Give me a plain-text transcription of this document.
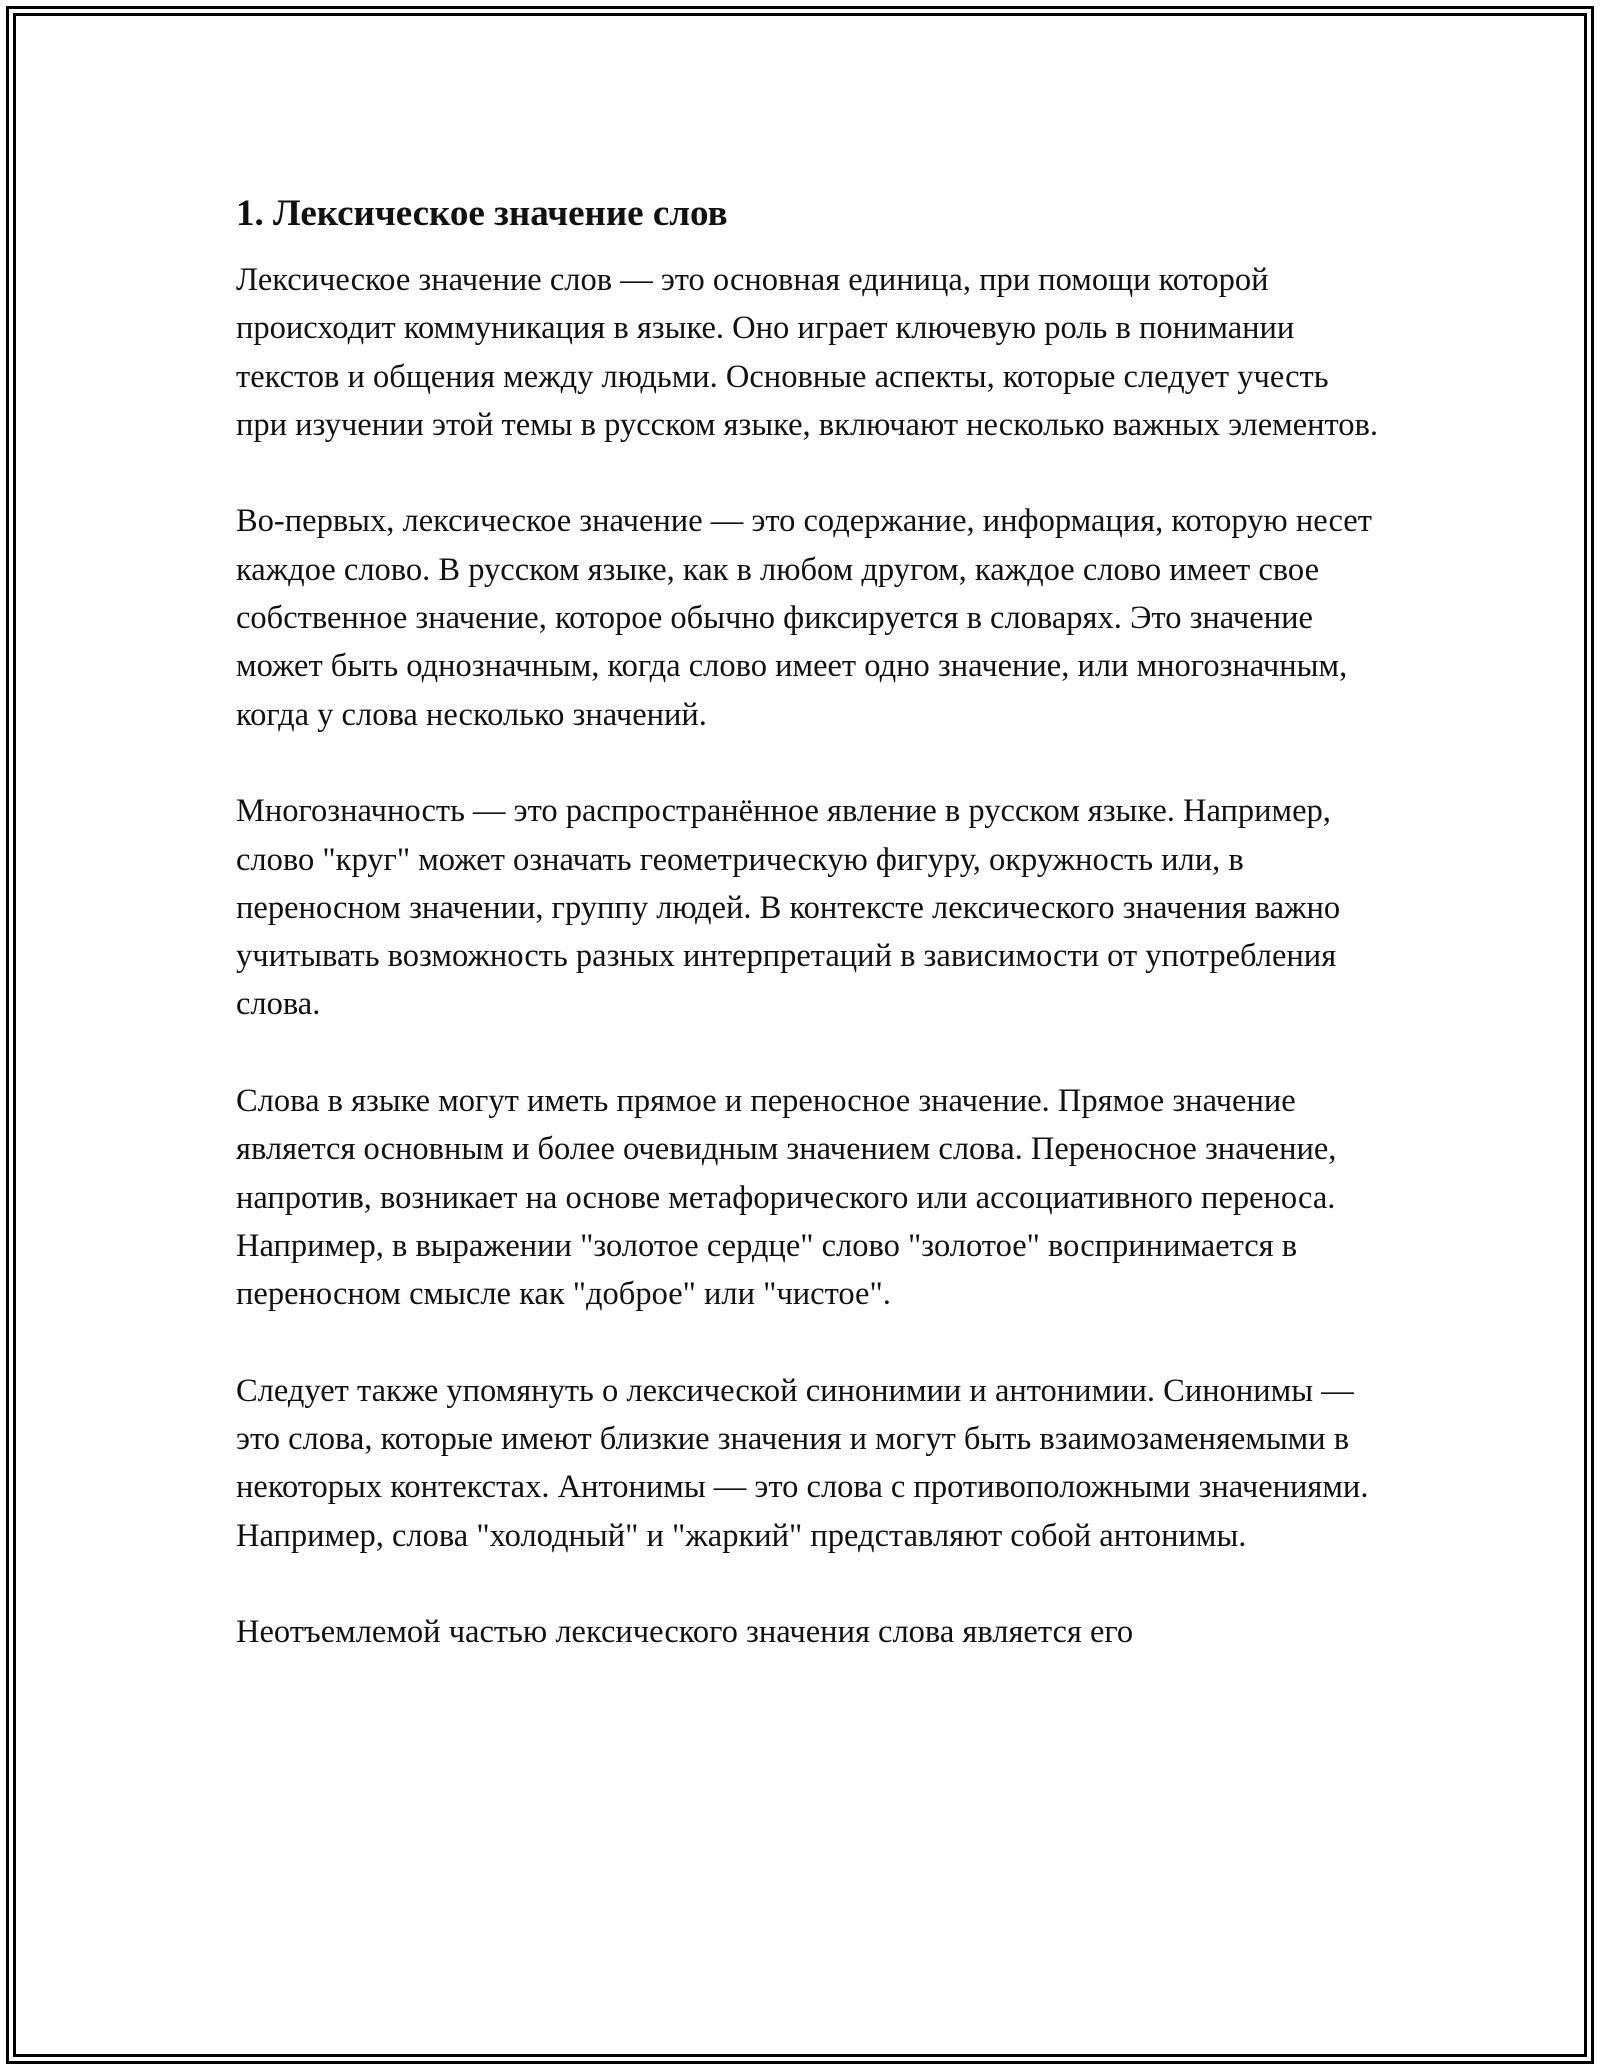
1. Лексическое значение слов

Лексическое значение слов — это основная единица, при помощи которой происходит коммуникация в языке. Оно играет ключевую роль в понимании текстов и общения между людьми. Основные аспекты, которые следует учесть при изучении этой темы в русском языке, включают несколько важных элементов.

Во-первых, лексическое значение — это содержание, информация, которую несет каждое слово. В русском языке, как в любом другом, каждое слово имеет свое собственное значение, которое обычно фиксируется в словарях. Это значение может быть однозначным, когда слово имеет одно значение, или многозначным, когда у слова несколько значений.

Многозначность — это распространённое явление в русском языке. Например, слово "круг" может означать геометрическую фигуру, окружность или, в переносном значении, группу людей. В контексте лексического значения важно учитывать возможность разных интерпретаций в зависимости от употребления слова.

Слова в языке могут иметь прямое и переносное значение. Прямое значение является основным и более очевидным значением слова. Переносное значение, напротив, возникает на основе метафорического или ассоциативного переноса. Например, в выражении "золотое сердце" слово "золотое" воспринимается в переносном смысле как "доброе" или "чистое".

Следует также упомянуть о лексической синонимии и антонимии. Синонимы — это слова, которые имеют близкие значения и могут быть взаимозаменяемыми в некоторых контекстах. Антонимы — это слова с противоположными значениями. Например, слова "холодный" и "жаркий" представляют собой антонимы.

Неотъемлемой частью лексического значения слова является его
